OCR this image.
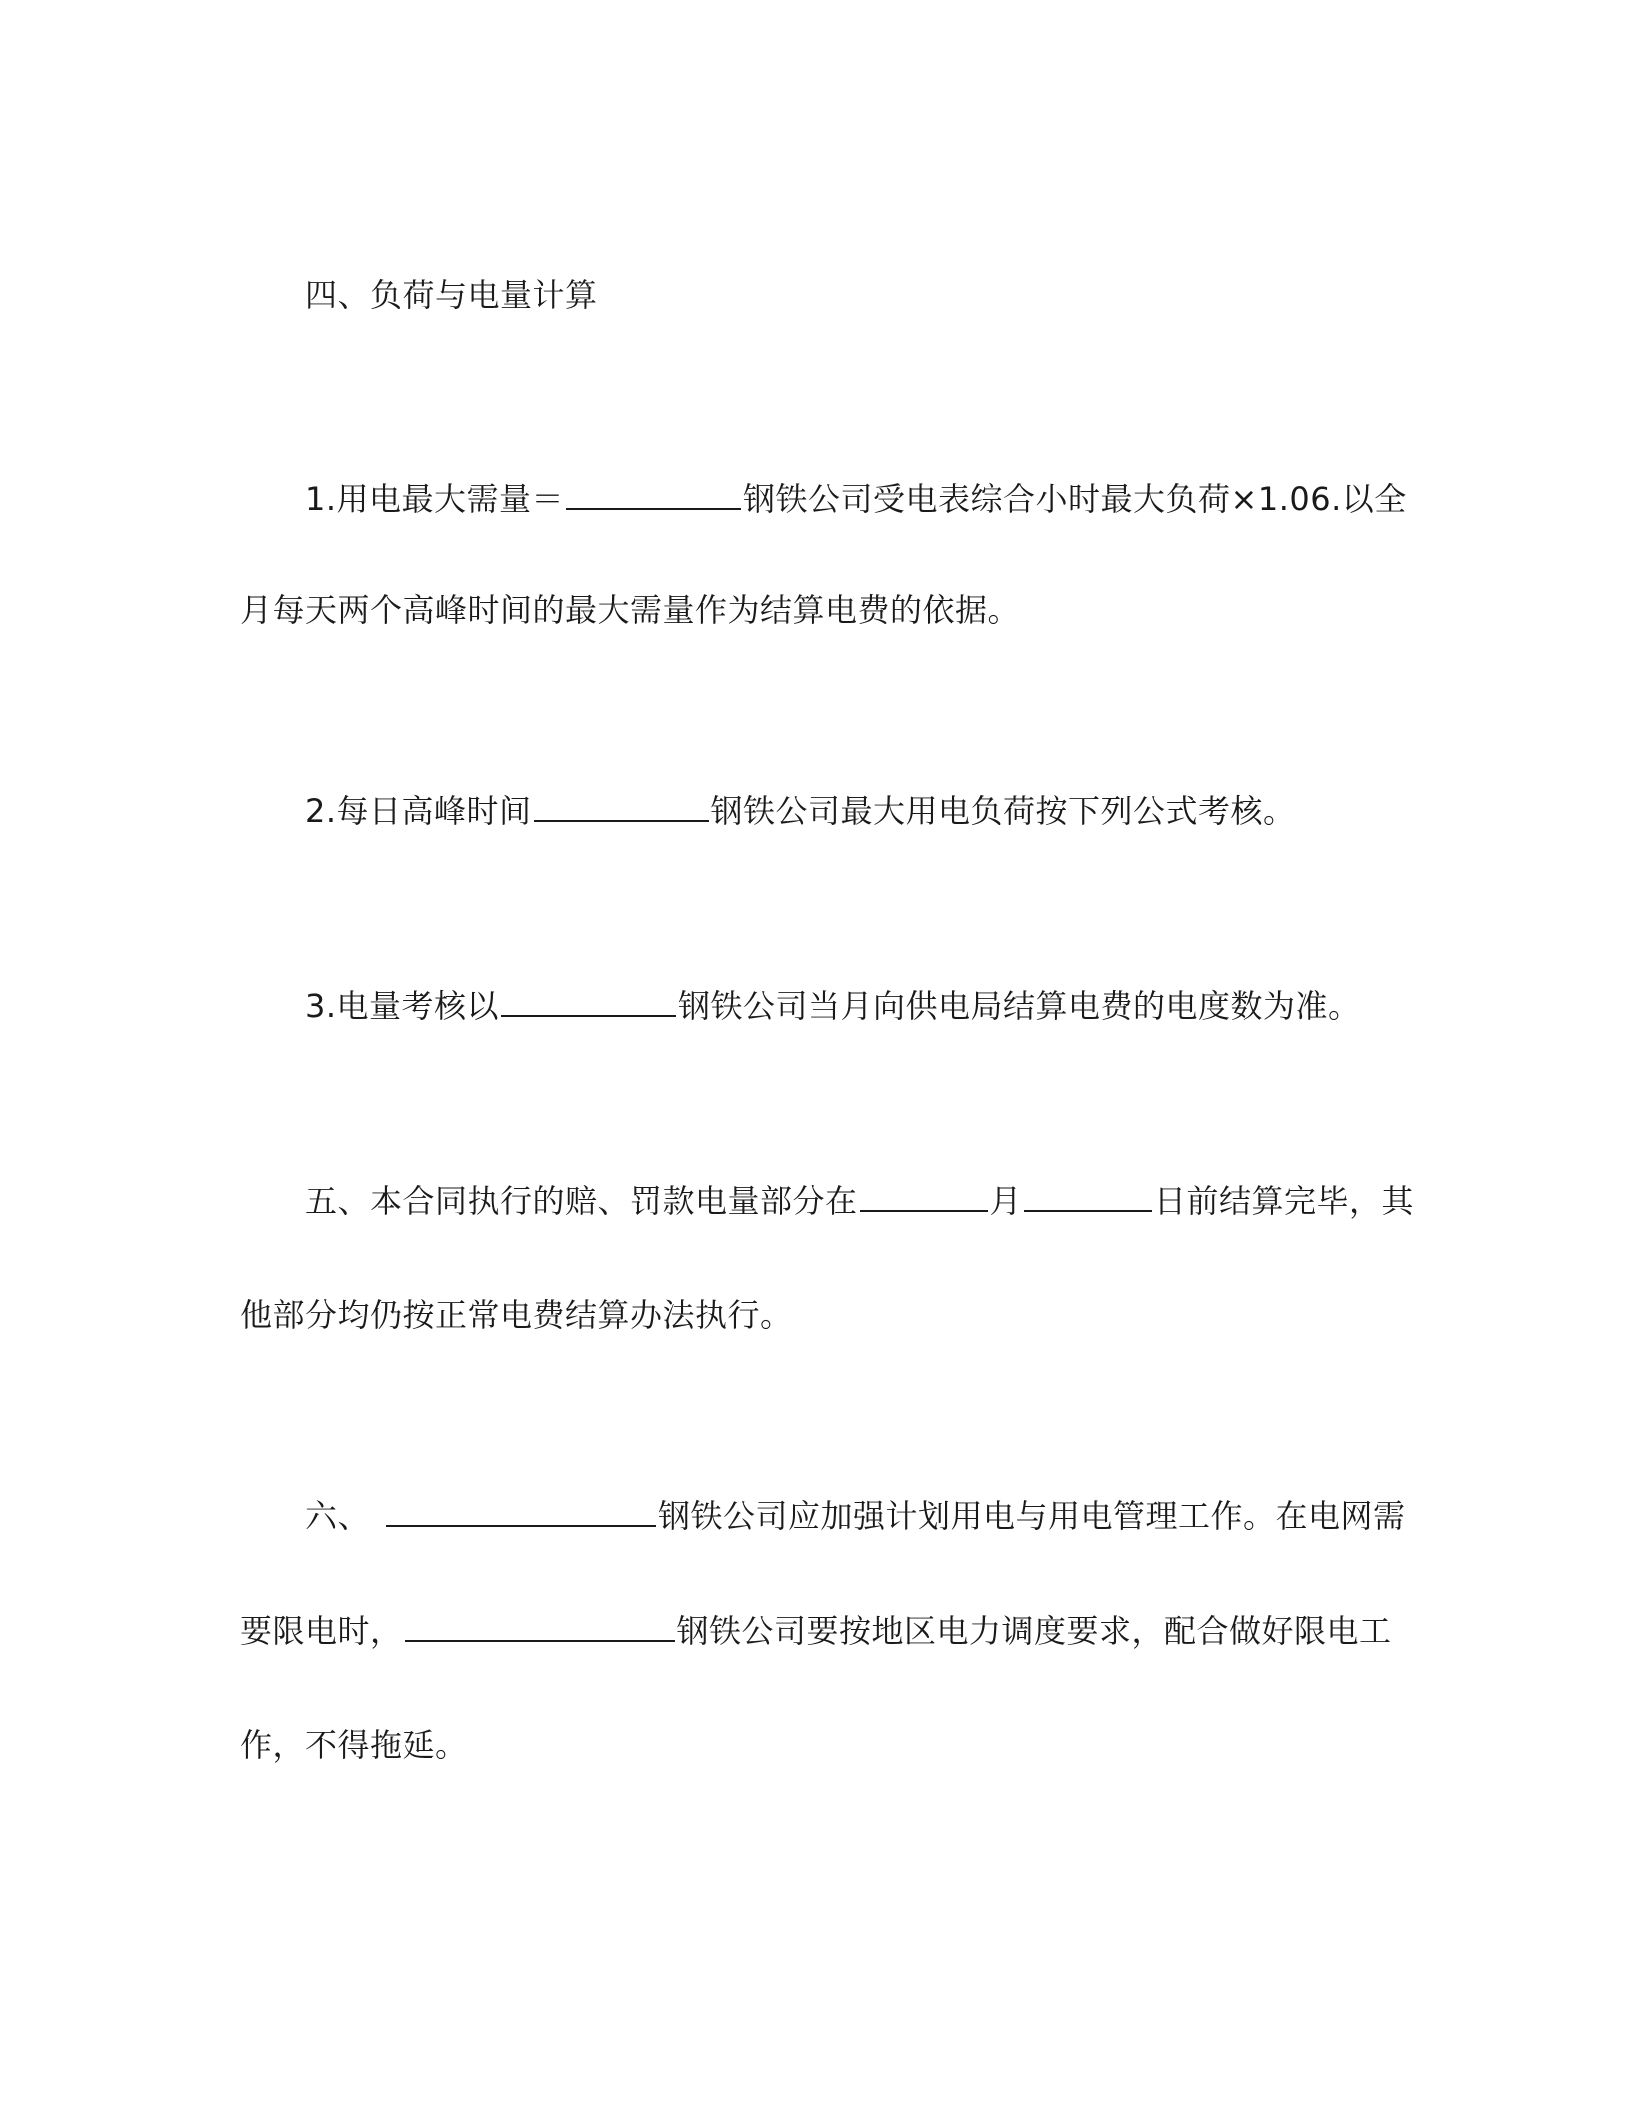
四、负荷与电量计算
1.用电最大需量＝	钢铁公司受电表综合小时最大负荷×1.06.以全
月每天两个高峰时间的最大需量作为结算电费的依据。
2.每日高峰时间	钢铁公司最大用电负荷按下列公式考核。
3.电量考核以	钢铁公司当月向供电局结算电费的电度数为准。
五、本合同执行的赔、罚款电量部分在	月	日前结算完毕，其
他部分均仍按正常电费结算办法执行。
六、	钢铁公司应加强计划用电与用电管理工作。在电网需
要限电时，	钢铁公司要按地区电力调度要求，配合做好限电工
作，不得拖延。
